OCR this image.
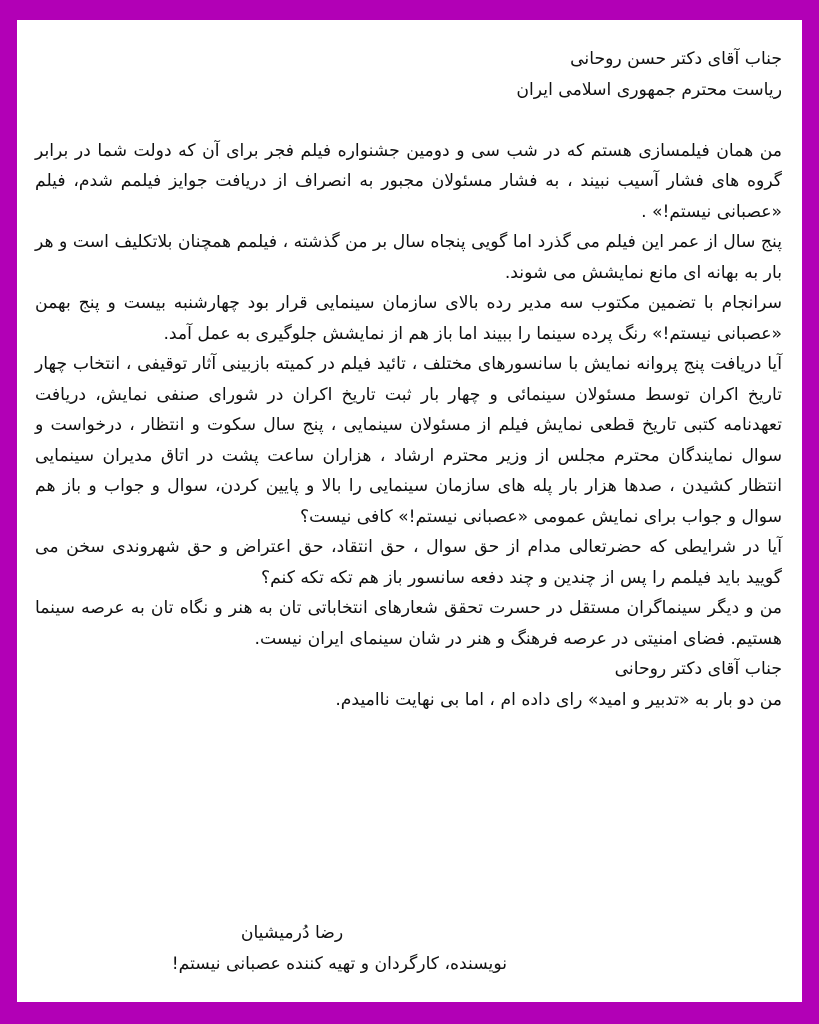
جناب آقای دکتر حسن روحانی
ریاست محترم جمهوری اسلامی ایران

من همان فیلمسازی هستم که در شب سی و دومین جشنواره فیلم فجر برای آن که دولت شما در برابر گروه های فشار آسیب نبیند ، به فشار مسئولان مجبور به انصراف از دریافت جوایز فیلمم شدم، فیلم «عصبانی نیستم!» .

پنج سال از عمر این فیلم می گذرد اما گویی پنجاه سال بر من گذشته ، فیلمم همچنان بلاتکلیف است و هر بار به بهانه ای مانع نمایشش می شوند.

سرانجام با تضمین مکتوب سه مدیر رده بالای سازمان سینمایی قرار بود چهارشنبه بیست و پنج بهمن «عصبانی نیستم!» رنگ پرده سینما را ببیند اما باز هم از نمایشش جلوگیری به عمل آمد.

آیا دریافت پنج پروانه نمایش با سانسورهای مختلف ، تائید فیلم در کمیته بازبینی آثار توقیفی ، انتخاب چهار تاریخ اکران توسط مسئولان سینمائی و چهار بار ثبت تاریخ اکران در شورای صنفی نمایش، دریافت تعهدنامه کتبی تاریخ قطعی نمایش فیلم از مسئولان سینمایی ، پنج سال سکوت و انتظار ، درخواست و سوال نمایندگان محترم مجلس از وزیر محترم ارشاد ، هزاران ساعت پشت در اتاق مدیران سینمایی انتظار کشیدن ، صدها هزار بار پله های سازمان سینمایی را بالا و پایین کردن، سوال و جواب و باز هم سوال و جواب برای نمایش عمومی «عصبانی نیستم!» کافی نیست؟

آیا در شرایطی که حضرتعالی مدام از حق سوال ، حق انتقاد، حق اعتراض و حق شهروندی سخن می گویید باید فیلمم را پس از چندین و چند دفعه سانسور باز هم تکه تکه کنم؟

من و دیگر سینماگران مستقل در حسرت تحقق شعارهای انتخاباتی تان به هنر و نگاه تان به عرصه سینما هستیم. فضای امنیتی در عرصه فرهنگ و هنر در شان سینمای ایران نیست.

جناب آقای دکتر روحانی

من دو بار به «تدبیر و امید» رای داده ام ، اما بی نهایت ناامیدم.

رضا دُرمیشیان
نویسنده، کارگردان و تهیه کننده عصبانی نیستم!
